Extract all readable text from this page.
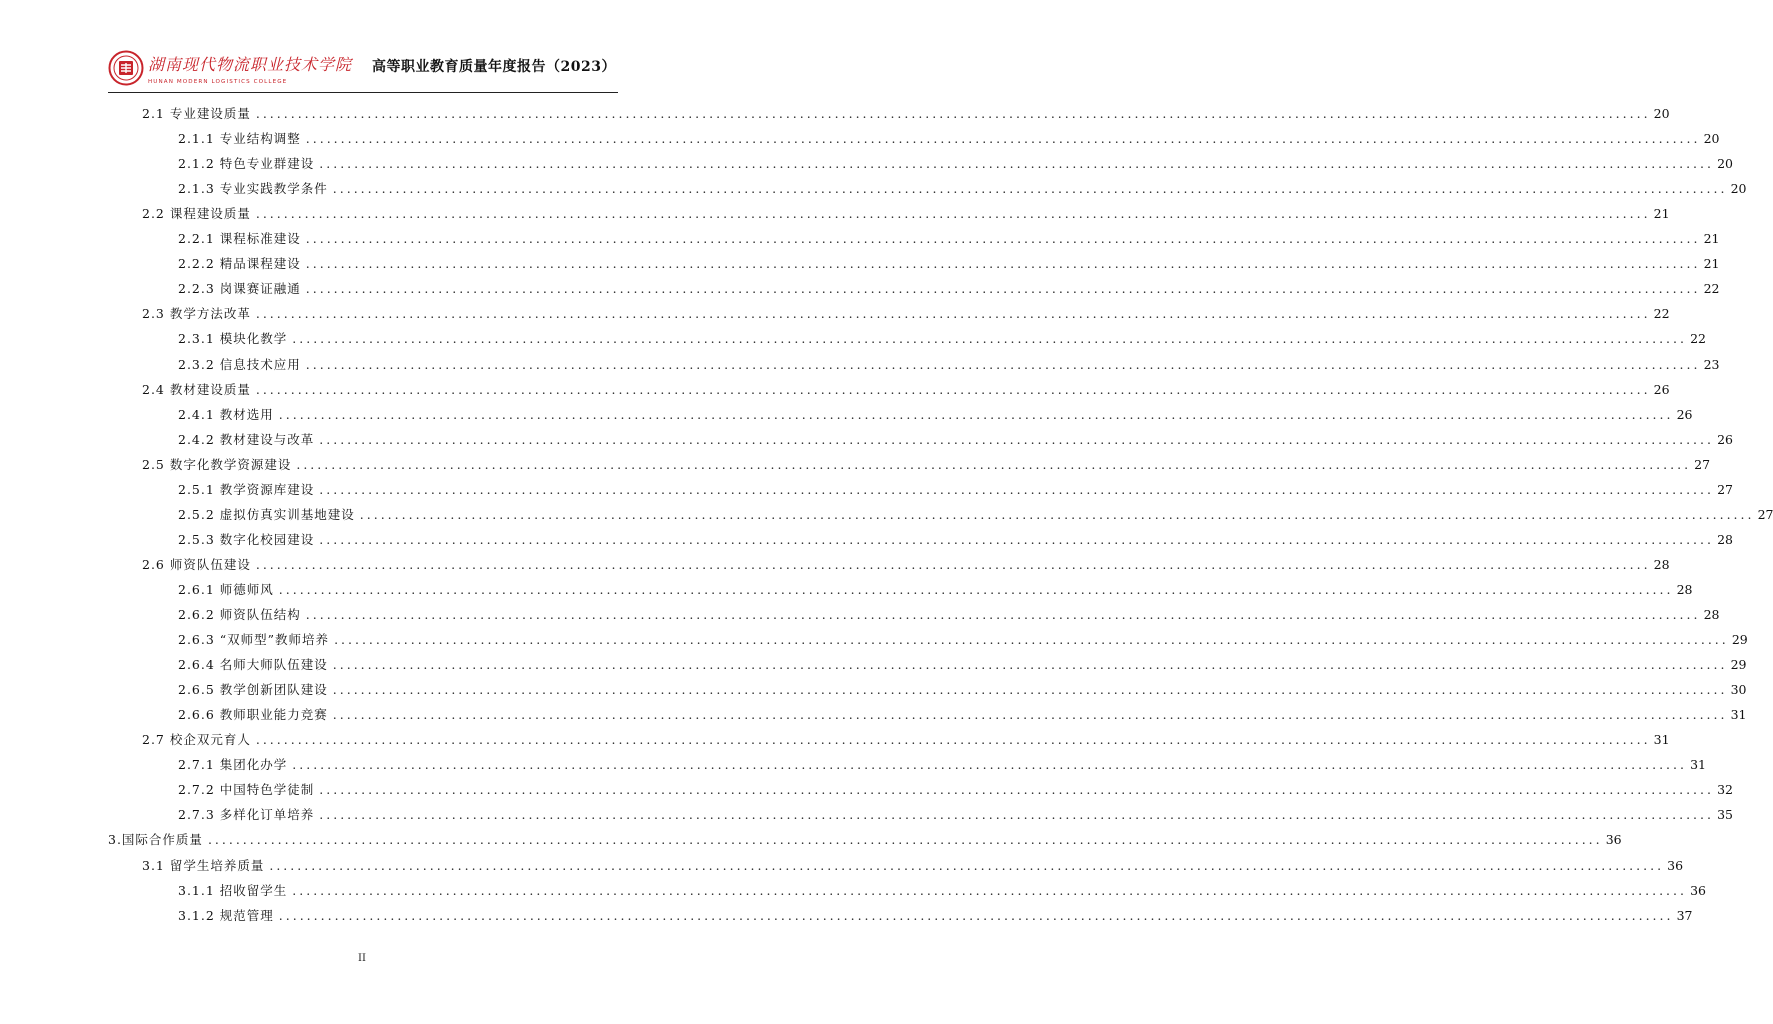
湖南现代物流职业技术学院
HUNAN MODERN LOGISTICS COLLEGE
高等职业教育质量年度报告（2023）
2.1 专业建设质量 ........................................................................................................................................................................................................ 20
2.1.1 专业结构调整 ........................................................................................................................................................................................................ 20
2.1.2 特色专业群建设 ........................................................................................................................................................................................................ 20
2.1.3 专业实践教学条件 ........................................................................................................................................................................................................ 20
2.2 课程建设质量 ........................................................................................................................................................................................................ 21
2.2.1 课程标准建设 ........................................................................................................................................................................................................ 21
2.2.2 精品课程建设 ........................................................................................................................................................................................................ 21
2.2.3 岗课赛证融通 ........................................................................................................................................................................................................ 22
2.3 教学方法改革 ........................................................................................................................................................................................................ 22
2.3.1 模块化教学 ........................................................................................................................................................................................................ 22
2.3.2 信息技术应用 ........................................................................................................................................................................................................ 23
2.4 教材建设质量 ........................................................................................................................................................................................................ 26
2.4.1 教材选用 ........................................................................................................................................................................................................ 26
2.4.2 教材建设与改革 ........................................................................................................................................................................................................ 26
2.5 数字化教学资源建设 ........................................................................................................................................................................................................ 27
2.5.1 教学资源库建设 ........................................................................................................................................................................................................ 27
2.5.2 虚拟仿真实训基地建设 ........................................................................................................................................................................................................ 27
2.5.3 数字化校园建设 ........................................................................................................................................................................................................ 28
2.6 师资队伍建设 ........................................................................................................................................................................................................ 28
2.6.1 师德师风 ........................................................................................................................................................................................................ 28
2.6.2 师资队伍结构 ........................................................................................................................................................................................................ 28
2.6.3 “双师型”教师培养 ........................................................................................................................................................................................................ 29
2.6.4 名师大师队伍建设 ........................................................................................................................................................................................................ 29
2.6.5 教学创新团队建设 ........................................................................................................................................................................................................ 30
2.6.6 教师职业能力竞赛 ........................................................................................................................................................................................................ 31
2.7 校企双元育人 ........................................................................................................................................................................................................ 31
2.7.1 集团化办学 ........................................................................................................................................................................................................ 31
2.7.2 中国特色学徒制 ........................................................................................................................................................................................................ 32
2.7.3 多样化订单培养 ........................................................................................................................................................................................................ 35
3.国际合作质量 ........................................................................................................................................................................................................ 36
3.1 留学生培养质量 ........................................................................................................................................................................................................ 36
3.1.1 招收留学生 ........................................................................................................................................................................................................ 36
3.1.2 规范管理 ........................................................................................................................................................................................................ 37
II
